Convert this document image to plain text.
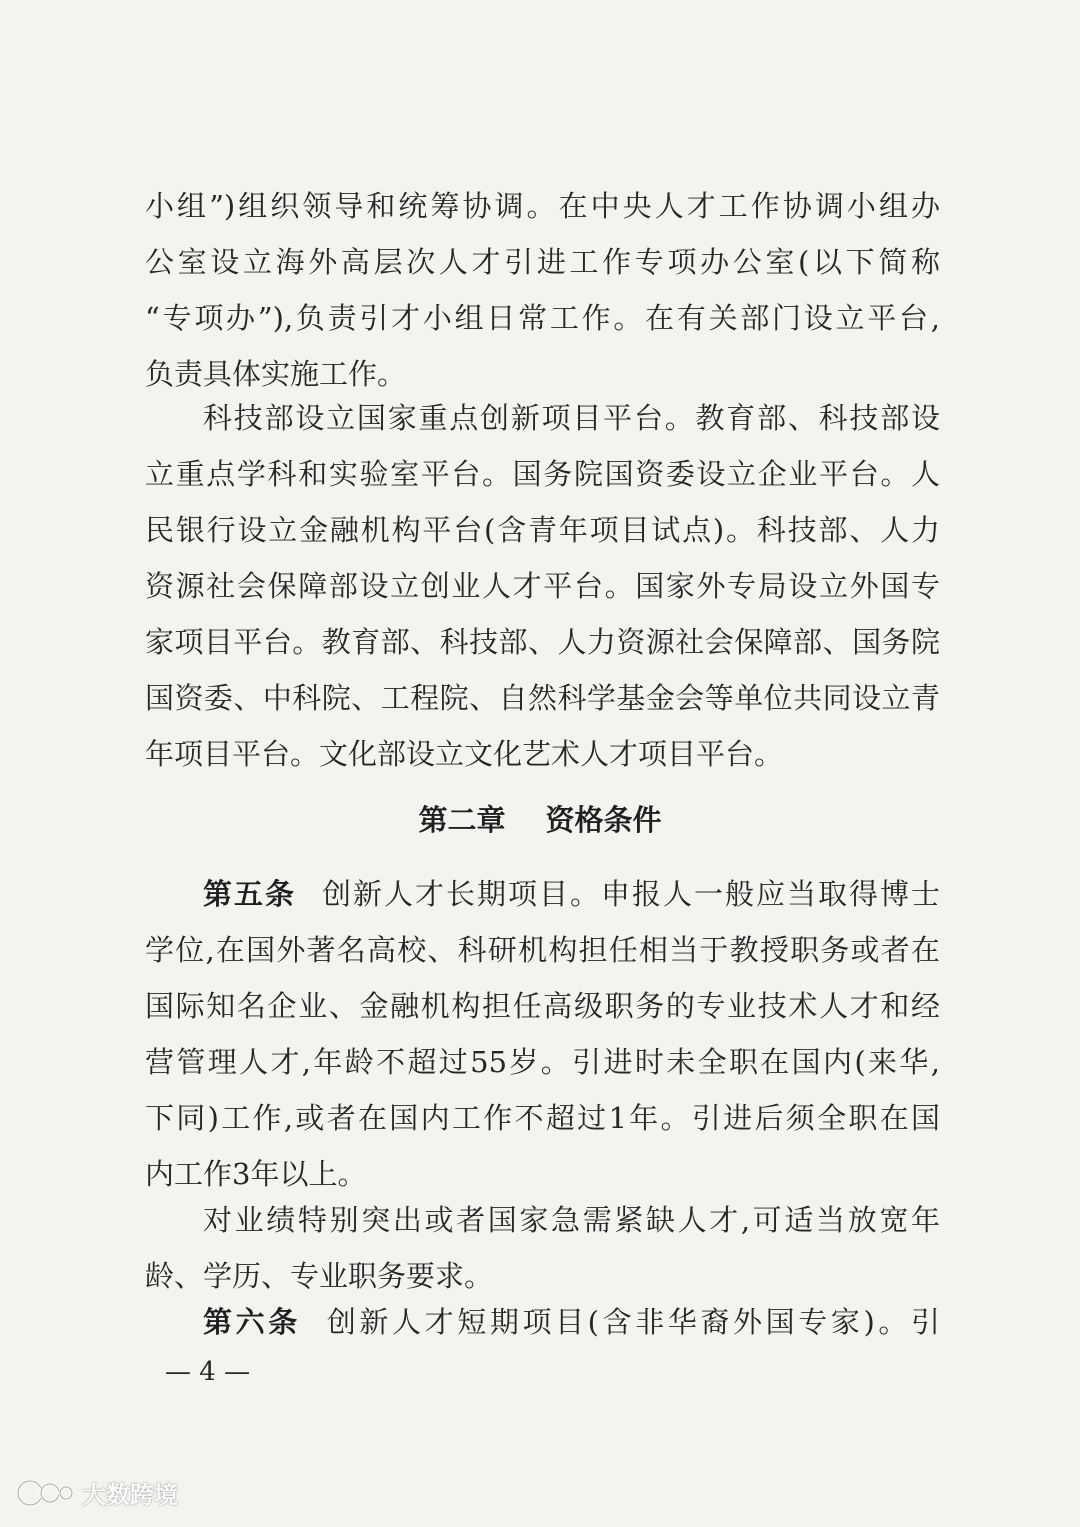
小组”)组织领导和统筹协调。在中央人才工作协调小组办
公室设立海外高层次人才引进工作专项办公室(以下简称
“专项办”),负责引才小组日常工作。在有关部门设立平台,
负责具体实施工作。
科技部设立国家重点创新项目平台。教育部、科技部设
立重点学科和实验室平台。国务院国资委设立企业平台。人
民银行设立金融机构平台(含青年项目试点)。科技部、人力
资源社会保障部设立创业人才平台。国家外专局设立外国专
家项目平台。教育部、科技部、人力资源社会保障部、国务院
国资委、中科院、工程院、自然科学基金会等单位共同设立青
年项目平台。文化部设立文化艺术人才项目平台。
第二章 资格条件
第五条 创新人才长期项目。申报人一般应当取得博士
学位,在国外著名高校、科研机构担任相当于教授职务或者在
国际知名企业、金融机构担任高级职务的专业技术人才和经
营管理人才,年龄不超过55岁。引进时未全职在国内(来华,
下同)工作,或者在国内工作不超过1年。引进后须全职在国
内工作3年以上。
对业绩特别突出或者国家急需紧缺人才,可适当放宽年
龄、学历、专业职务要求。
第六条 创新人才短期项目(含非华裔外国专家)。引
— 4 —
大数跨境
